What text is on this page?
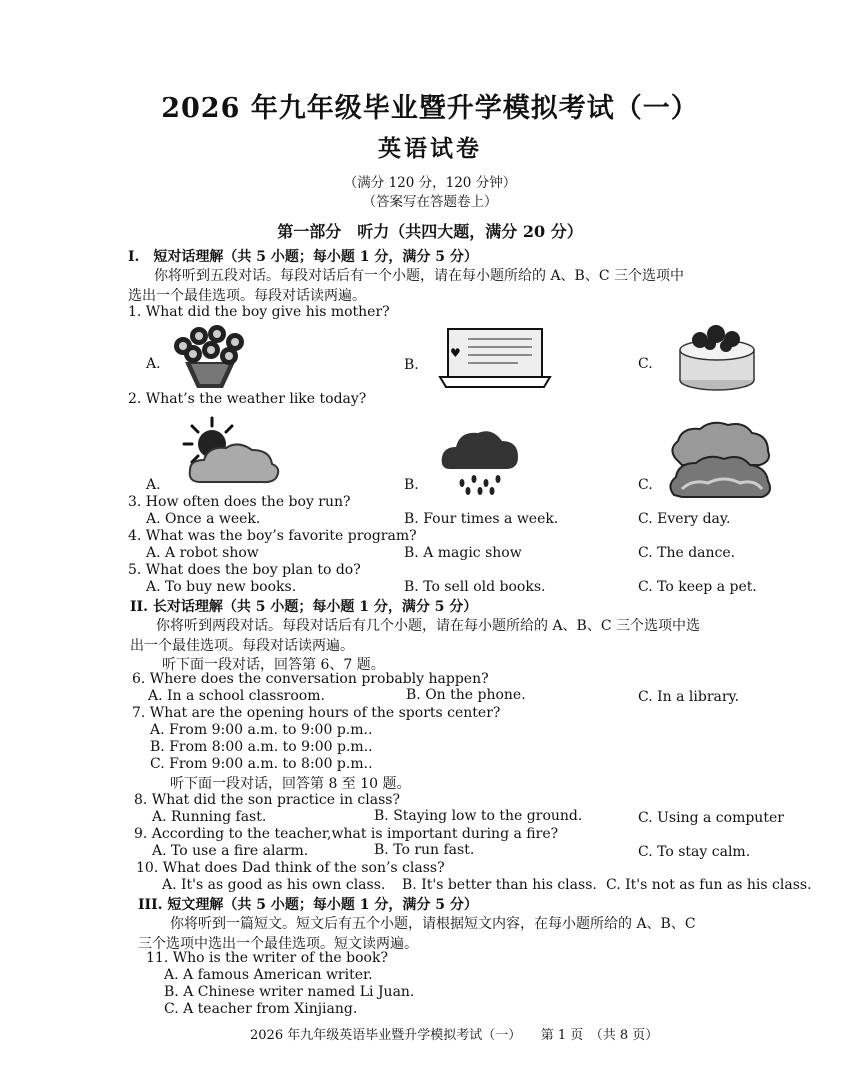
2026 年九年级毕业暨升学模拟考试（一）
英语试卷
（满分 120 分，120 分钟）
（答案写在答题卷上）
第一部分　听力（共四大题，满分 20 分）
I.　短对话理解（共 5 小题；每小题 1 分，满分 5 分）
你将听到五段对话。每段对话后有一个小题，请在每小题所给的 A、B、C 三个选项中
选出一个最佳选项。每段对话读两遍。
1. What did the boy give his mother?
A.	B.	C.
♥
2. What’s the weather like today?
A.	B.	C.
3. How often does the boy run?
A. Once a week.	B. Four times a week.	C. Every day.
4. What was the boy’s favorite program?
A. A robot show	B. A magic show	C. The dance.
5. What does the boy plan to do?
A. To buy new books.	B. To sell old books.	C. To keep a pet.
II. 长对话理解（共 5 小题；每小题 1 分，满分 5 分）
你将听到两段对话。每段对话后有几个小题，请在每小题所给的 A、B、C 三个选项中选
出一个最佳选项。每段对话读两遍。
听下面一段对话，回答第 6、7 题。
6. Where does the conversation probably happen?
A. In a school classroom.	B. On the phone.	C. In a library.
7. What are the opening hours of the sports center?
A. From 9:00 a.m. to 9:00 p.m..
B. From 8:00 a.m. to 9:00 p.m..
C. From 9:00 a.m. to 8:00 p.m..
听下面一段对话，回答第 8 至 10 题。
8. What did the son practice in class?
A. Running fast.	B. Staying low to the ground.	C. Using a computer
9. According to the teacher,what is important during a fire?
A. To use a fire alarm.	B. To run fast.	C. To stay calm.
10. What does Dad think of the son’s class?
A. It's as good as his own class. B. It's better than his class. C. It's not as fun as his class.
III. 短文理解（共 5 小题；每小题 1 分，满分 5 分）
你将听到一篇短文。短文后有五个小题，请根据短文内容，在每小题所给的 A、B、C
三个选项中选出一个最佳选项。短文读两遍。
11. Who is the writer of the book?
A. A famous American writer.
B. A Chinese writer named Li Juan.
C. A teacher from Xinjiang.
2026 年九年级英语毕业暨升学模拟考试（一）　　第 1 页　（共 8 页）
